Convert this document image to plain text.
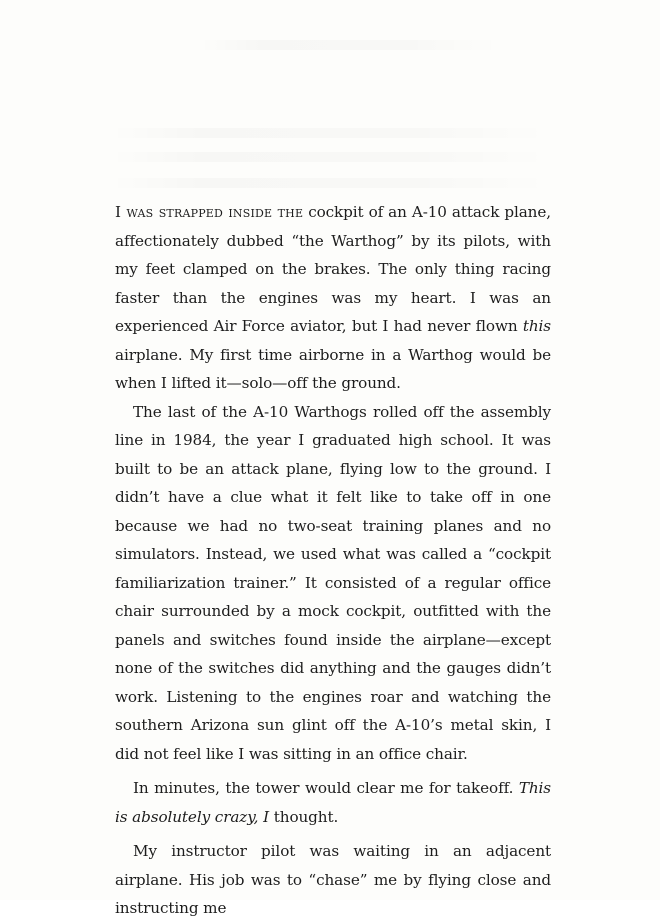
I was strapped inside the cockpit of an A-10 attack plane, affectionately dubbed “the Warthog” by its pilots, with my feet clamped on the brakes. The only thing racing faster than the engines was my heart. I was an experienced Air Force aviator, but I had never flown this airplane. My first time airborne in a Warthog would be when I lifted it—solo—off the ground.

The last of the A-10 Warthogs rolled off the assembly line in 1984, the year I graduated high school. It was built to be an attack plane, flying low to the ground. I didn’t have a clue what it felt like to take off in one because we had no two-seat training planes and no simulators. Instead, we used what was called a “cockpit familiarization trainer.” It consisted of a regular office chair surrounded by a mock cockpit, outfitted with the panels and switches found inside the airplane—except none of the switches did anything and the gauges didn’t work. Listening to the engines roar and watching the southern Arizona sun glint off the A-10’s metal skin, I did not feel like I was sitting in an office chair.

In minutes, the tower would clear me for takeoff. This is absolutely crazy, I thought.

My instructor pilot was waiting in an adjacent airplane. His job was to “chase” me by flying close and instructing me
